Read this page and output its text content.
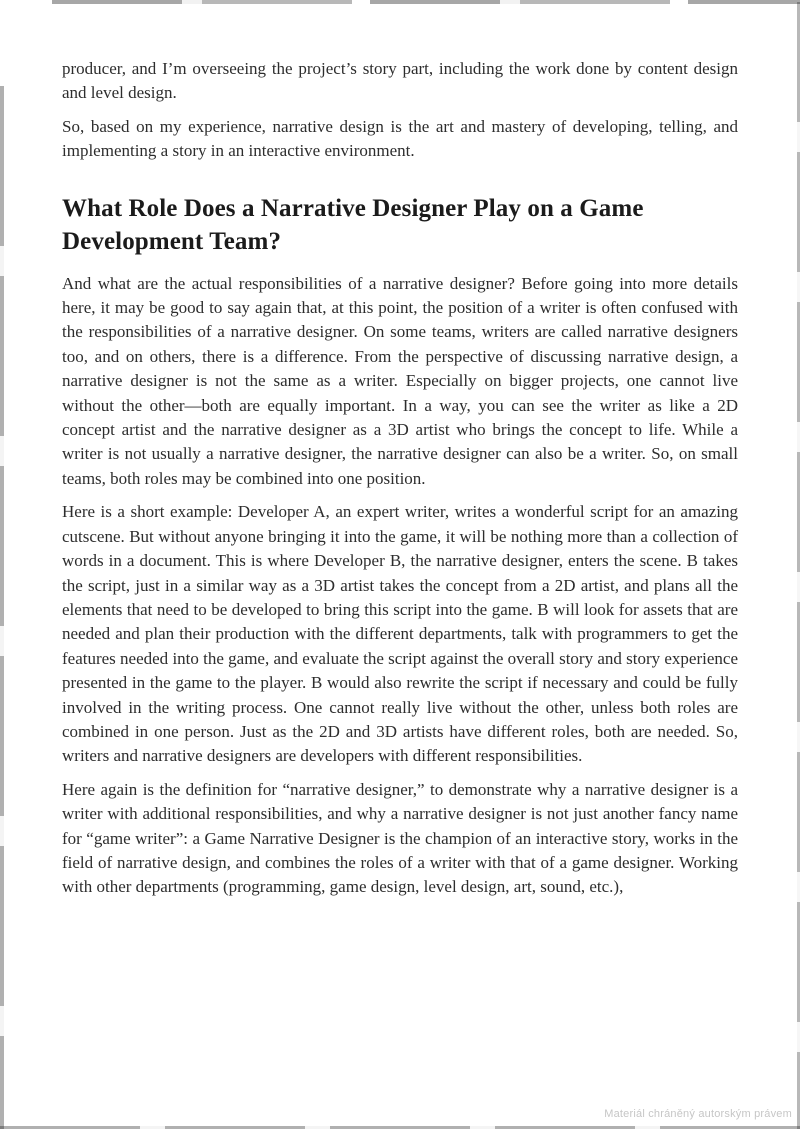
producer, and I’m overseeing the project’s story part, including the work done by content design and level design.

So, based on my experience, narrative design is the art and mastery of developing, telling, and implementing a story in an interactive environment.

What Role Does a Narrative Designer Play on a Game Development Team?

And what are the actual responsibilities of a narrative designer? Before going into more details here, it may be good to say again that, at this point, the position of a writer is often confused with the responsibilities of a narrative designer. On some teams, writers are called narrative designers too, and on others, there is a difference. From the perspective of discussing narrative design, a narrative designer is not the same as a writer. Especially on bigger projects, one cannot live without the other—both are equally important. In a way, you can see the writer as like a 2D concept artist and the narrative designer as a 3D artist who brings the concept to life. While a writer is not usually a narrative designer, the narrative designer can also be a writer. So, on small teams, both roles may be combined into one position.

Here is a short example: Developer A, an expert writer, writes a wonderful script for an amazing cutscene. But without anyone bringing it into the game, it will be nothing more than a collection of words in a document. This is where Developer B, the narrative designer, enters the scene. B takes the script, just in a similar way as a 3D artist takes the concept from a 2D artist, and plans all the elements that need to be developed to bring this script into the game. B will look for assets that are needed and plan their production with the different departments, talk with programmers to get the features needed into the game, and evaluate the script against the overall story and story experience presented in the game to the player. B would also rewrite the script if necessary and could be fully involved in the writing process. One cannot really live without the other, unless both roles are combined in one person. Just as the 2D and 3D artists have different roles, both are needed. So, writers and narrative designers are developers with different responsibilities.

Here again is the definition for “narrative designer,” to demonstrate why a narrative designer is a writer with additional responsibilities, and why a narrative designer is not just another fancy name for “game writer”: a Game Narrative Designer is the champion of an interactive story, works in the field of narrative design, and combines the roles of a writer with that of a game designer. Working with other departments (programming, game design, level design, art, sound, etc.),

Materiál chráněný autorským právem
